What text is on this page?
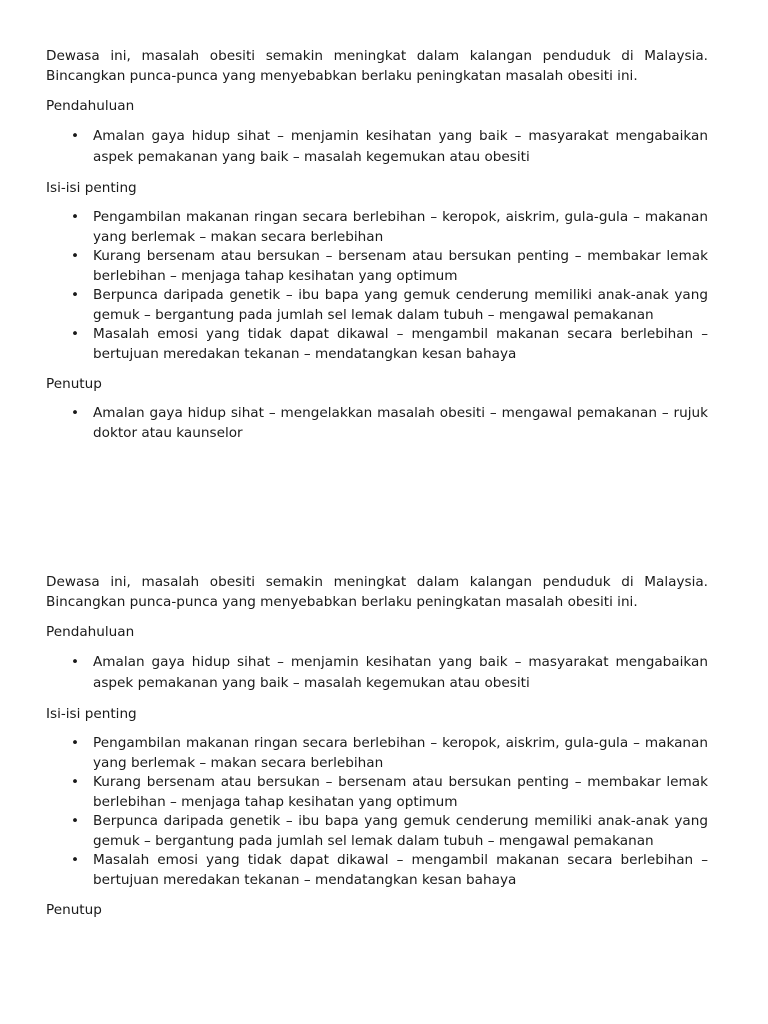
Dewasa ini, masalah obesiti semakin meningkat dalam kalangan penduduk di Malaysia. Bincangkan punca-punca yang menyebabkan berlaku peningkatan masalah obesiti ini.

Pendahuluan

• Amalan gaya hidup sihat – menjamin kesihatan yang baik – masyarakat mengabaikan aspek pemakanan yang baik – masalah kegemukan atau obesiti

Isi-isi penting

• Pengambilan makanan ringan secara berlebihan – keropok, aiskrim, gula-gula – makanan yang berlemak – makan secara berlebihan
• Kurang bersenam atau bersukan – bersenam atau bersukan penting – membakar lemak berlebihan – menjaga tahap kesihatan yang optimum
• Berpunca daripada genetik – ibu bapa yang gemuk cenderung memiliki anak-anak yang gemuk – bergantung pada jumlah sel lemak dalam tubuh – mengawal pemakanan
• Masalah emosi yang tidak dapat dikawal – mengambil makanan secara berlebihan – bertujuan meredakan tekanan – mendatangkan kesan bahaya

Penutup

• Amalan gaya hidup sihat – mengelakkan masalah obesiti – mengawal pemakanan – rujuk doktor atau kaunselor

Dewasa ini, masalah obesiti semakin meningkat dalam kalangan penduduk di Malaysia. Bincangkan punca-punca yang menyebabkan berlaku peningkatan masalah obesiti ini.

Pendahuluan

• Amalan gaya hidup sihat – menjamin kesihatan yang baik – masyarakat mengabaikan aspek pemakanan yang baik – masalah kegemukan atau obesiti

Isi-isi penting

• Pengambilan makanan ringan secara berlebihan – keropok, aiskrim, gula-gula – makanan yang berlemak – makan secara berlebihan
• Kurang bersenam atau bersukan – bersenam atau bersukan penting – membakar lemak berlebihan – menjaga tahap kesihatan yang optimum
• Berpunca daripada genetik – ibu bapa yang gemuk cenderung memiliki anak-anak yang gemuk – bergantung pada jumlah sel lemak dalam tubuh – mengawal pemakanan
• Masalah emosi yang tidak dapat dikawal – mengambil makanan secara berlebihan – bertujuan meredakan tekanan – mendatangkan kesan bahaya

Penutup
